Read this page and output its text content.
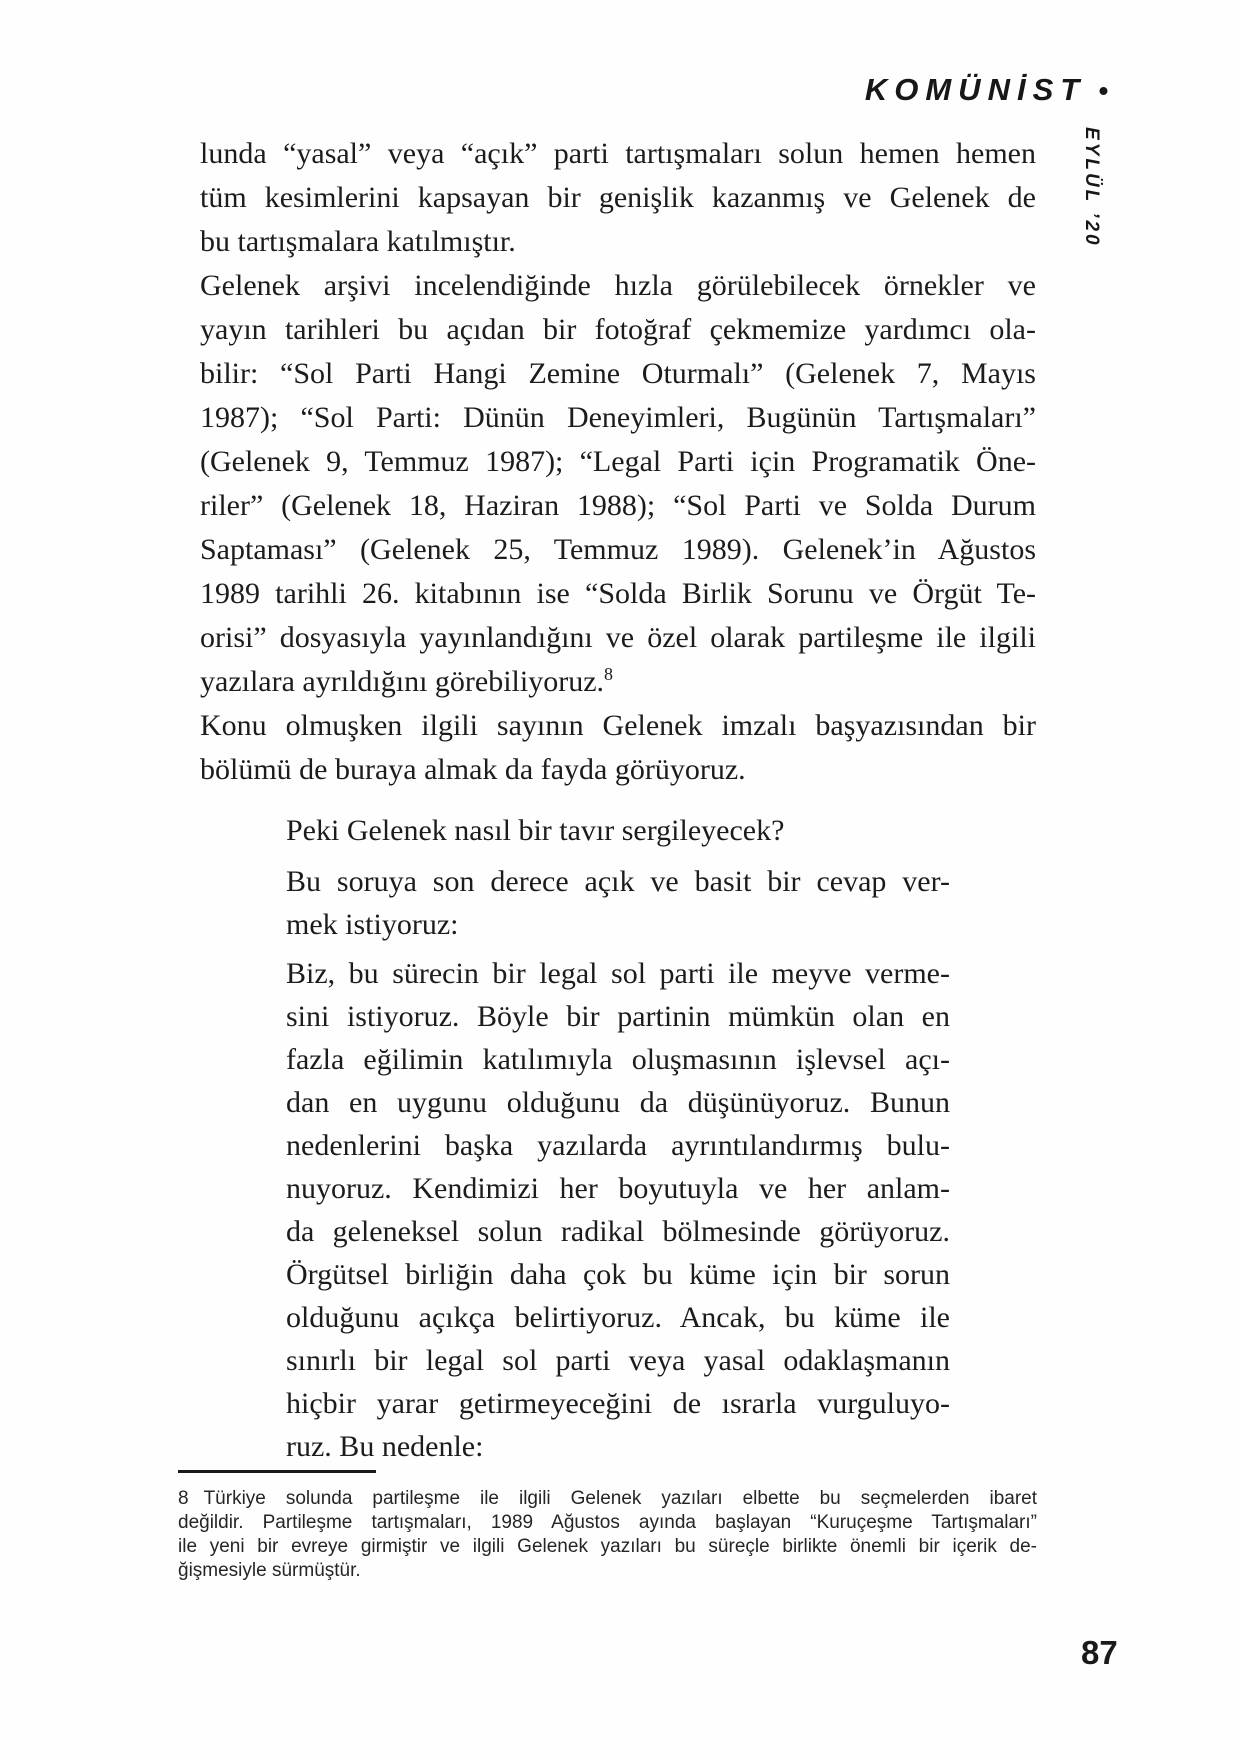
KOMÜNİST •
EYLÜL ’20
lunda “yasal” veya “açık” parti tartışmaları solun hemen hemen
tüm kesimlerini kapsayan bir genişlik kazanmış ve Gelenek de
bu tartışmalara katılmıştır.
Gelenek arşivi incelendiğinde hızla görülebilecek örnekler ve
yayın tarihleri bu açıdan bir fotoğraf çekmemize yardımcı ola-
bilir: “Sol Parti Hangi Zemine Oturmalı” (Gelenek 7, Mayıs
1987); “Sol Parti: Dünün Deneyimleri, Bugünün Tartışmaları”
(Gelenek 9, Temmuz 1987); “Legal Parti için Programatik Öne-
riler” (Gelenek 18, Haziran 1988); “Sol Parti ve Solda Durum
Saptaması” (Gelenek 25, Temmuz 1989). Gelenek’in Ağustos
1989 tarihli 26. kitabının ise “Solda Birlik Sorunu ve Örgüt Te-
orisi” dosyasıyla yayınlandığını ve özel olarak partileşme ile ilgili
yazılara ayrıldığını görebiliyoruz.$^8$
Konu olmuşken ilgili sayının Gelenek imzalı başyazısından bir
bölümü de buraya almak da fayda görüyoruz.
Peki Gelenek nasıl bir tavır sergileyecek?
Bu soruya son derece açık ve basit bir cevap ver-
mek istiyoruz:
Biz, bu sürecin bir legal sol parti ile meyve verme-
sini istiyoruz. Böyle bir partinin mümkün olan en
fazla eğilimin katılımıyla oluşmasının işlevsel açı-
dan en uygunu olduğunu da düşünüyoruz. Bunun
nedenlerini başka yazılarda ayrıntılandırmış bulu-
nuyoruz. Kendimizi her boyutuyla ve her anlam-
da geleneksel solun radikal bölmesinde görüyoruz.
Örgütsel birliğin daha çok bu küme için bir sorun
olduğunu açıkça belirtiyoruz. Ancak, bu küme ile
sınırlı bir legal sol parti veya yasal odaklaşmanın
hiçbir yarar getirmeyeceğini de ısrarla vurguluyo-
ruz. Bu nedenle:
8 Türkiye solunda partileşme ile ilgili Gelenek yazıları elbette bu seçmelerden ibaret
değildir. Partileşme tartışmaları, 1989 Ağustos ayında başlayan “Kuruçeşme Tartışmaları”
ile yeni bir evreye girmiştir ve ilgili Gelenek yazıları bu süreçle birlikte önemli bir içerik de-
ğişmesiyle sürmüştür.
87
